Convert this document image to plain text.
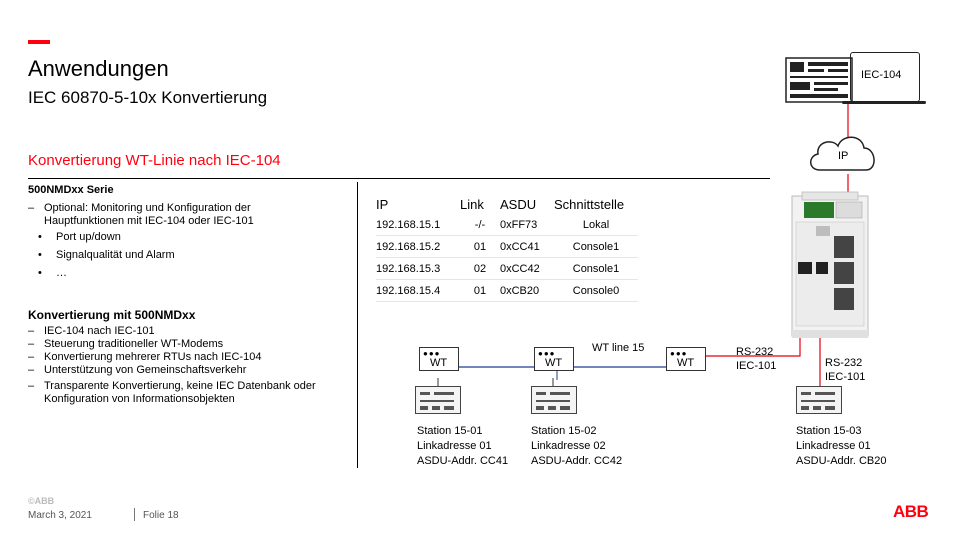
Anwendungen
IEC 60870-5-10x Konvertierung
Konvertierung WT-Linie nach IEC-104
500NMDxx Serie
– Optional: Monitoring und Konfiguration der Hauptfunktionen mit IEC-104 oder IEC-101
• Port up/down
• Signalqualität und Alarm
• …
Konvertierung mit 500NMDxx
– IEC-104 nach IEC-101
– Steuerung traditioneller WT-Modems
– Konvertierung mehrerer RTUs nach IEC-104
– Unterstützung von Gemeinschaftsverkehr
– Transparente Konvertierung, keine IEC Datenbank oder Konfiguration von Informationsobjekten
IP	Link	ASDU	Schnittstelle
192.168.15.1	-/-	0xFF73	Lokal
192.168.15.2	01	0xCC41	Console1
192.168.15.3	02	0xCC42	Console1
192.168.15.4	01	0xCB20	Console0
IEC-104
IP
●●●
WT
●●●
WT
●●●
WT
WT line 15	RS-232
IEC-101	RS-232
IEC-101
Station 15-01
Linkadresse 01
ASDU-Addr. CC41
Station 15-02
Linkadresse 02
ASDU-Addr. CC42
Station 15-03
Linkadresse 01
ASDU-Addr. CB20
©ABB
March 3, 2021	Folie 18	ABB
